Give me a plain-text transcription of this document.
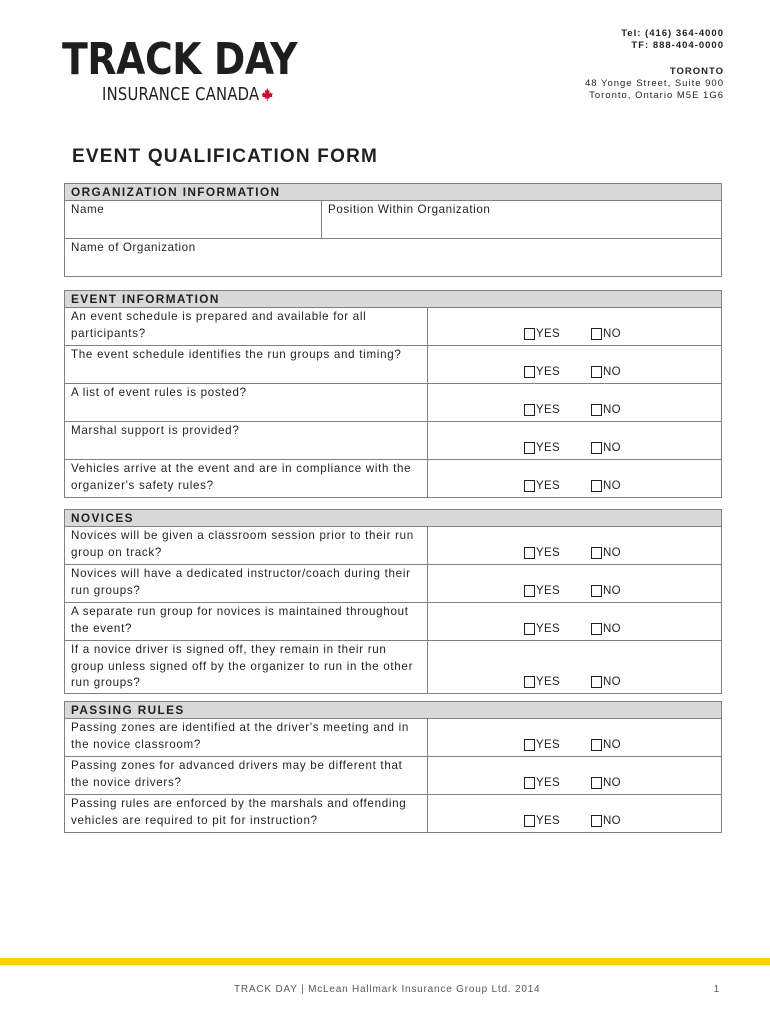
TRACK DAY
INSURANCE CANADA
Tel: (416) 364-4000
TF: 888-404-0000
TORONTO
48 Yonge Street, Suite 900
Toronto, Ontario M5E 1G6
EVENT QUALIFICATION FORM
ORGANIZATION INFORMATION
Name	Position Within Organization
Name of Organization
EVENT INFORMATION	
An event schedule is prepared and available for all participants?	YES NO

The event schedule identifies the run groups and timing?	YES NO

A list of event rules is posted?	YES NO

Marshal support is provided?	YES NO

Vehicles arrive at the event and are in compliance with the organizer's safety rules?	YES NO
NOVICES	
Novices will be given a classroom session prior to their run group on track?	YES NO

Novices will have a dedicated instructor/coach during their run groups?	YES NO

A separate run group for novices is maintained throughout the event?	YES NO

If a novice driver is signed off, they remain in their run group unless signed off by the organizer to run in the other run groups?	YES NO
PASSING RULES	
Passing zones are identified at the driver's meeting and in the novice classroom?	YES NO

Passing zones for advanced drivers may be different that the novice drivers?	YES NO

Passing rules are enforced by the marshals and offending vehicles are required to pit for instruction?	YES NO
TRACK DAY | McLean Hallmark Insurance Group Ltd. 2014	1
